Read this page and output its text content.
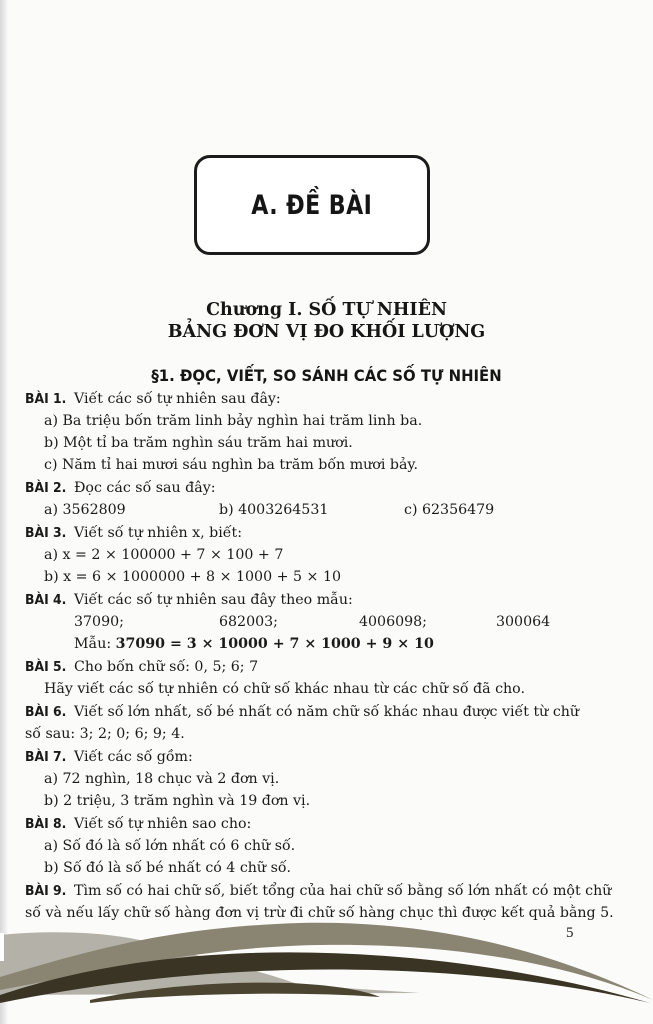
A. ĐỀ BÀI
Chương I. SỐ TỰ NHIÊN
BẢNG ĐƠN VỊ ĐO KHỐI LƯỢNG
§1. ĐỌC, VIẾT, SO SÁNH CÁC SỐ TỰ NHIÊN
BÀI 1. Viết các số tự nhiên sau đây:
a) Ba triệu bốn trăm linh bảy nghìn hai trăm linh ba.
b) Một tỉ ba trăm nghìn sáu trăm hai mươi.
c) Năm tỉ hai mươi sáu nghìn ba trăm bốn mươi bảy.
BÀI 2. Đọc các số sau đây:
a) 3562809	b) 4003264531	c) 62356479
BÀI 3. Viết số tự nhiên x, biết:
a) x = 2 × 100000 + 7 × 100 + 7
b) x = 6 × 1000000 + 8 × 1000 + 5 × 10
BÀI 4. Viết các số tự nhiên sau đây theo mẫu:
37090;	682003;	4006098;	300064
Mẫu: 37090 = 3 × 10000 + 7 × 1000 + 9 × 10
BÀI 5. Cho bốn chữ số: 0, 5; 6; 7
Hãy viết các số tự nhiên có chữ số khác nhau từ các chữ số đã cho.
BÀI 6. Viết số lớn nhất, số bé nhất có năm chữ số khác nhau được viết từ chữ
số sau: 3; 2; 0; 6; 9; 4.
BÀI 7. Viết các số gồm:
a) 72 nghìn, 18 chục và 2 đơn vị.
b) 2 triệu, 3 trăm nghìn và 19 đơn vị.
BÀI 8. Viết số tự nhiên sao cho:
a) Số đó là số lớn nhất có 6 chữ số.
b) Số đó là số bé nhất có 4 chữ số.
BÀI 9. Tìm số có hai chữ số, biết tổng của hai chữ số bằng số lớn nhất có một chữ
số và nếu lấy chữ số hàng đơn vị trừ đi chữ số hàng chục thì được kết quả bằng 5.
5
